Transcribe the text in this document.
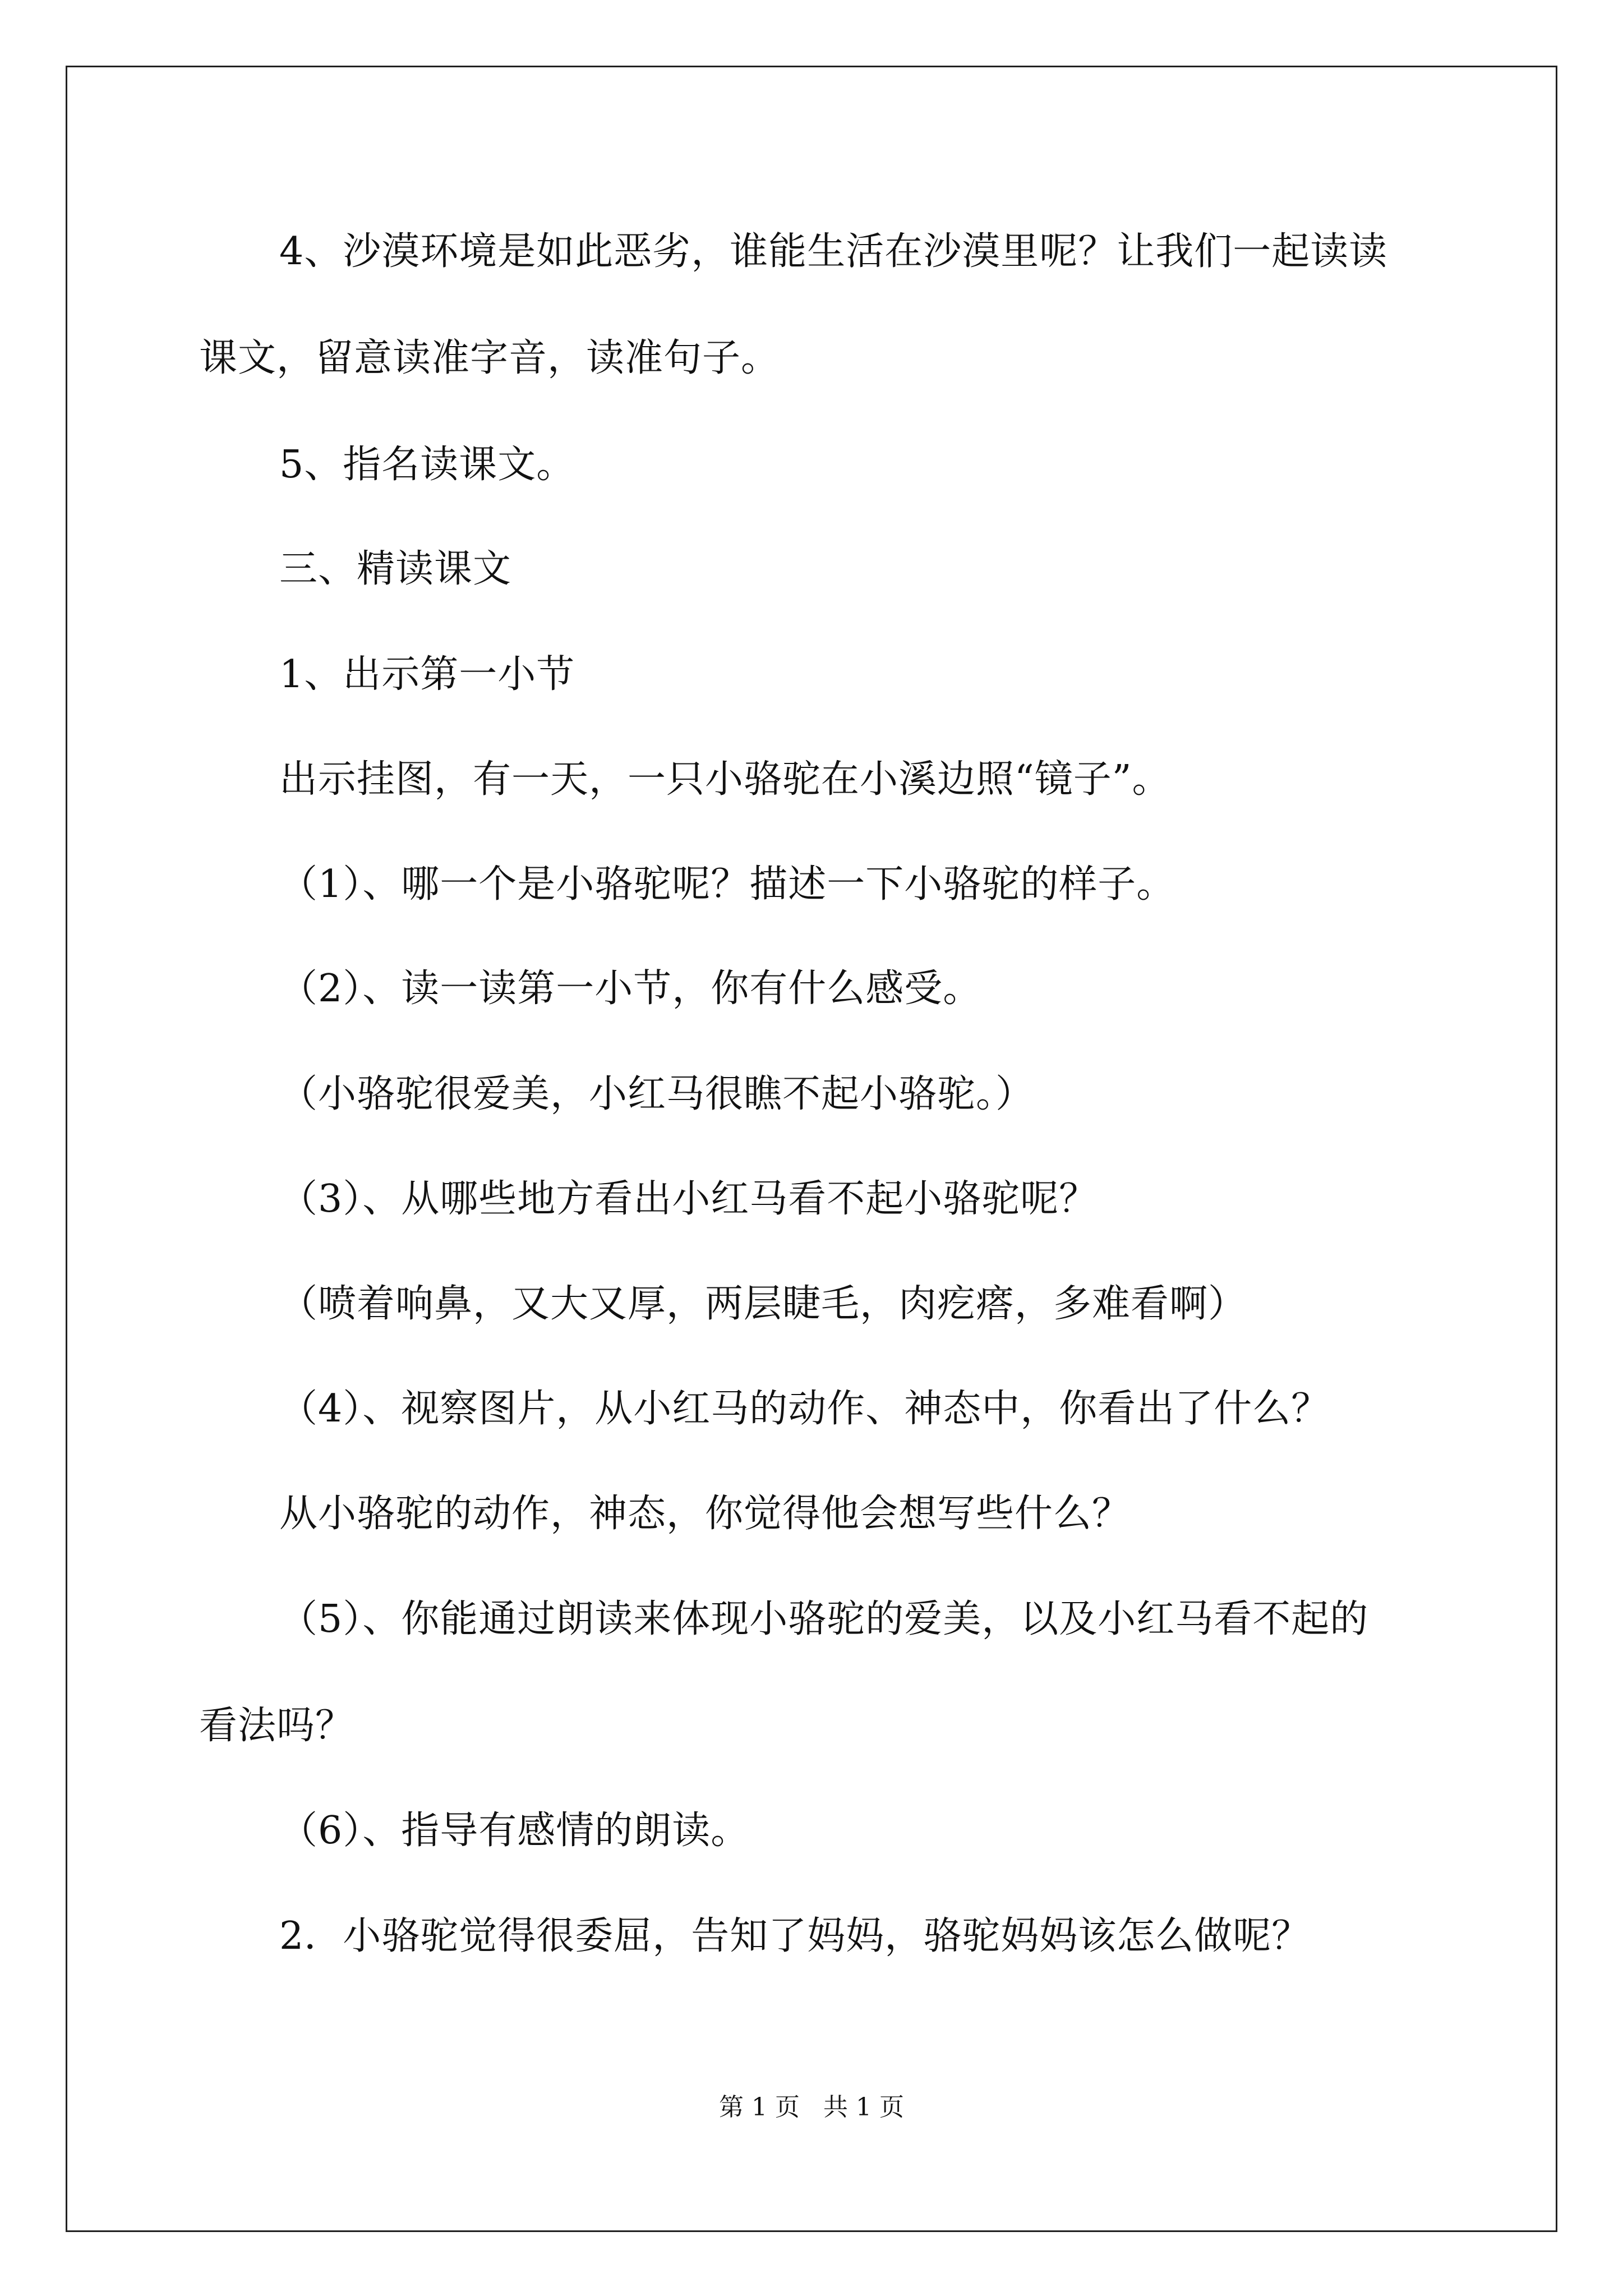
4、沙漠环境是如此恶劣，谁能生活在沙漠里呢？让我们一起读读
课文，留意读准字音，读准句子。
5、指名读课文。
三、精读课文
1、出示第一小节
出示挂图，有一天，一只小骆驼在小溪边照“镜子”。
（1）、哪一个是小骆驼呢？描述一下小骆驼的样子。
（2）、读一读第一小节，你有什么感受。
（小骆驼很爱美，小红马很瞧不起小骆驼。）
（3）、从哪些地方看出小红马看不起小骆驼呢？
（喷着响鼻，又大又厚，两层睫毛，肉疙瘩，多难看啊）
（4）、视察图片，从小红马的动作、神态中，你看出了什么？
从小骆驼的动作，神态，你觉得他会想写些什么？
（5）、你能通过朗读来体现小骆驼的爱美，以及小红马看不起的
看法吗？
（6）、指导有感情的朗读。
2．小骆驼觉得很委屈，告知了妈妈，骆驼妈妈该怎么做呢？
第 1 页   共 1 页
